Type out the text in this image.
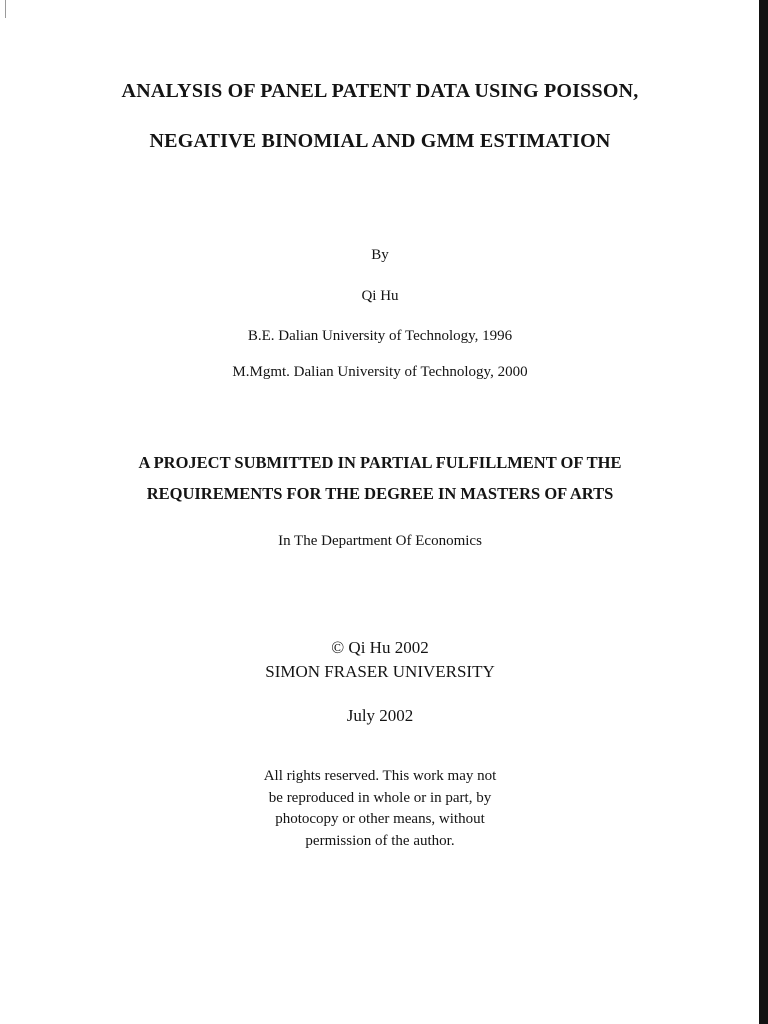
ANALYSIS OF PANEL PATENT DATA USING POISSON,
NEGATIVE BINOMIAL AND GMM ESTIMATION
By
Qi Hu
B.E. Dalian University of Technology, 1996
M.Mgmt. Dalian University of Technology, 2000
A PROJECT SUBMITTED IN PARTIAL FULFILLMENT OF THE
REQUIREMENTS FOR THE DEGREE IN MASTERS OF ARTS
In The Department Of Economics
© Qi Hu 2002
SIMON FRASER UNIVERSITY
July 2002
All rights reserved. This work may not
be reproduced in whole or in part, by
photocopy or other means, without
permission of the author.
